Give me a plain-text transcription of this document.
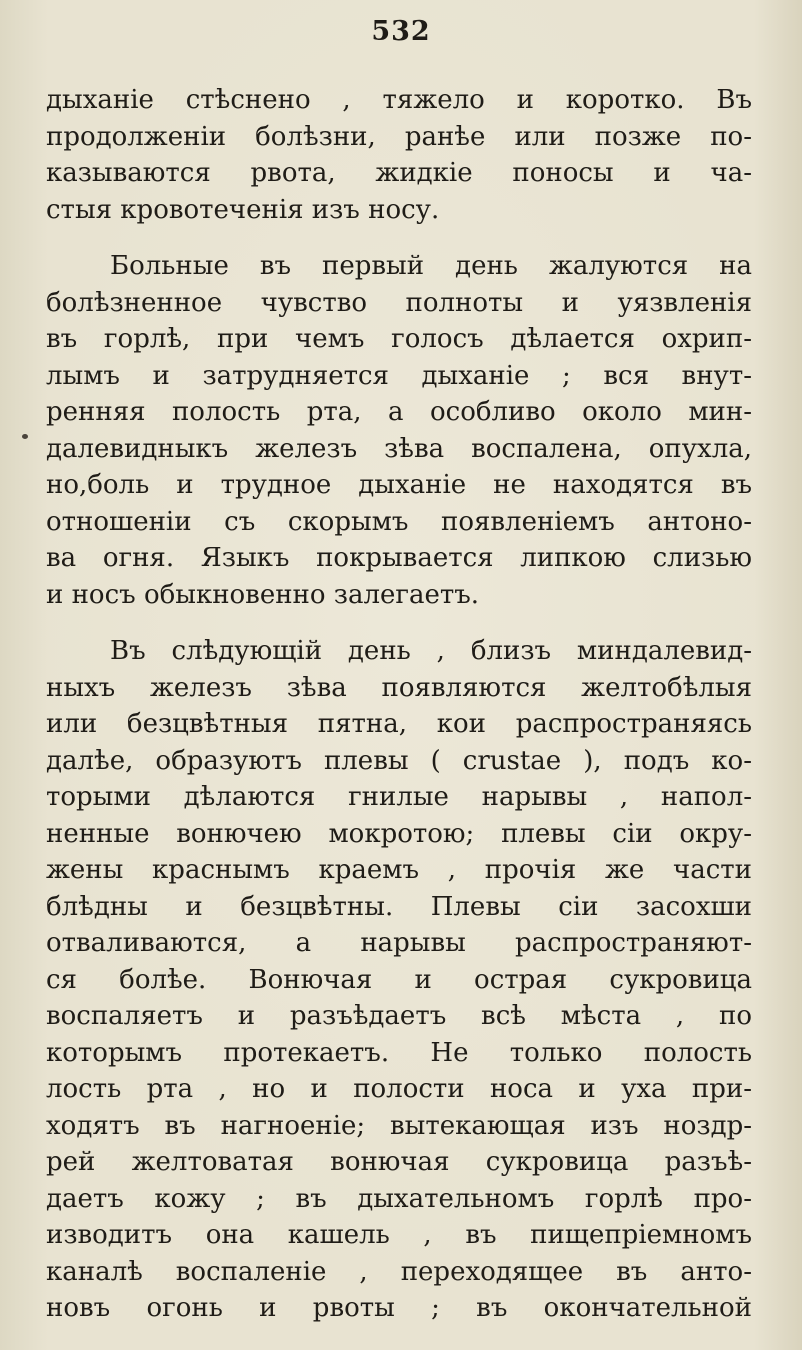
532
дыханіе стѣснено , тяжело и коротко. Въ
продолженіи болѣзни, ранѣе или позже по-
казываются рвота, жидкіе поносы и ча-
стыя кровотеченія изъ носу.
Больные въ первый день жалуются на
болѣзненное чувство полноты и уязвленія
въ горлѣ, при чемъ голосъ дѣлается охрип-
лымъ и затрудняется дыханіе ; вся внут-
ренняя полость рта, а особливо около мин-
далевидныкъ железъ зѣва воспалена, опухла,
но,боль и трудное дыханіе не находятся въ
отношеніи съ скорымъ появленіемъ антоно-
ва огня. Языкъ покрывается липкою слизью
и носъ обыкновенно залегаетъ.
Въ слѣдующій день , близъ миндалевид-
ныхъ железъ зѣва появляются желтобѣлыя
или безцвѣтныя пятна, кои распространяясь
далѣе, образуютъ плевы ( crustae ), подъ ко-
торыми дѣлаются гнилые нарывы , напол-
ненные вонючею мокротою; плевы сіи окру-
жены краснымъ краемъ , прочія же части
блѣдны и безцвѣтны. Плевы сіи засохши
отваливаются, а нарывы распространяют-
ся болѣе. Вонючая и острая сукровица
воспаляетъ и разъѣдаетъ всѣ мѣста , по
которымъ протекаетъ. Не только полость
лость рта , но и полости носа и уха при-
ходятъ въ нагноеніе; вытекающая изъ ноздр-
рей желтоватая вонючая сукровица разъѣ-
даетъ кожу ; въ дыхательномъ горлѣ про-
изводитъ она кашель , въ пищепріемномъ
каналѣ воспаленіе , переходящее въ анто-
новъ огонь и рвоты ; въ окончательной
